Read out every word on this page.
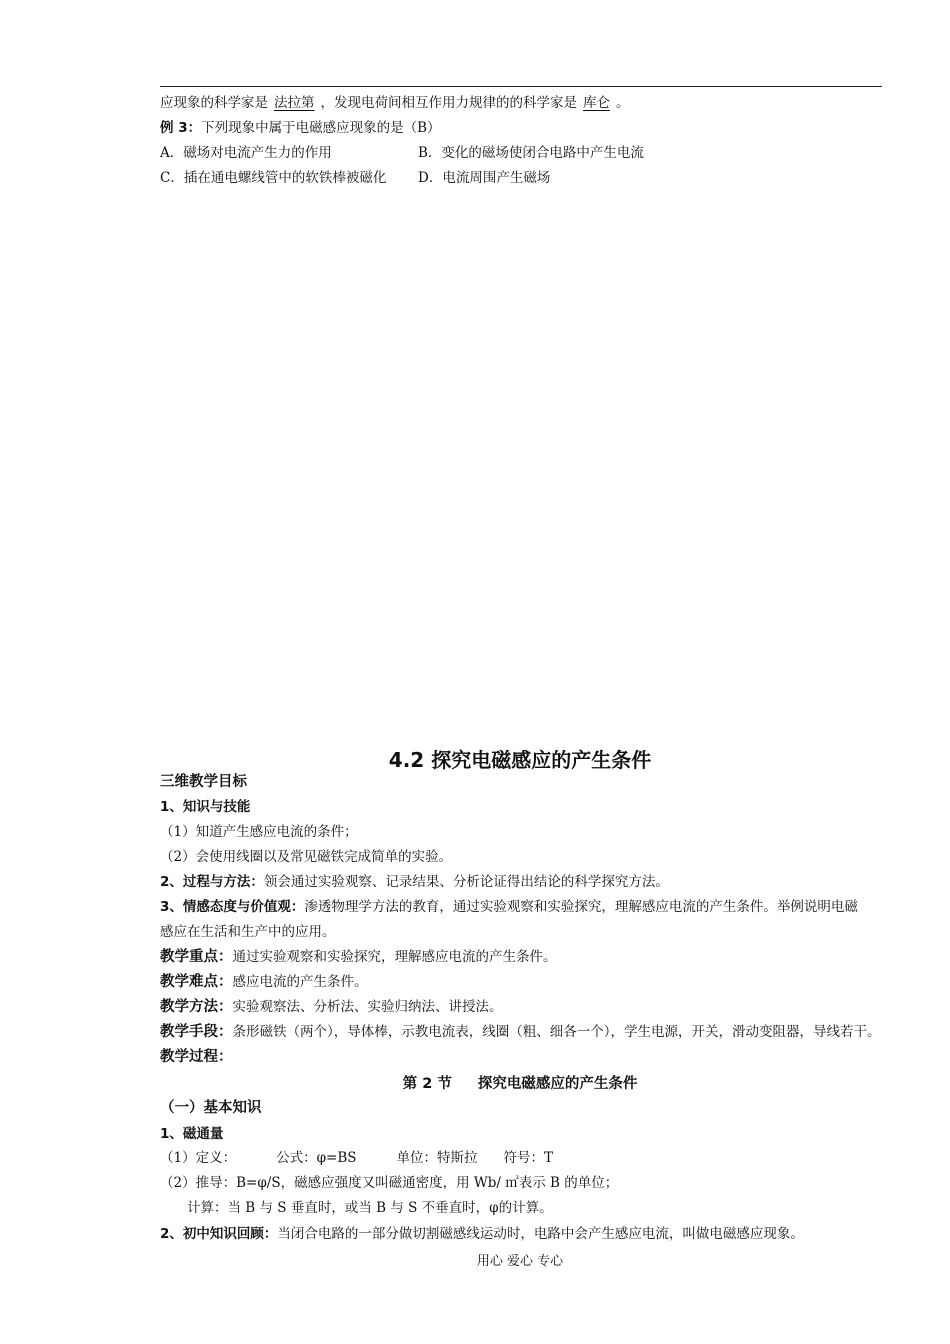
应现象的科学家是 法拉第 ，发现电荷间相互作用力规律的的科学家是 库仑 。
例 3：下列现象中属于电磁感应现象的是（B）
A．磁场对电流产生力的作用	B．变化的磁场使闭合电路中产生电流
C．插在通电螺线管中的软铁棒被磁化 D．电流周围产生磁场
4.2 探究电磁感应的产生条件
三维教学目标
1、知识与技能
（1）知道产生感应电流的条件；
（2）会使用线圈以及常见磁铁完成简单的实验。
2、过程与方法：领会通过实验观察、记录结果、分析论证得出结论的科学探究方法。
3、情感态度与价值观：渗透物理学方法的教育，通过实验观察和实验探究，理解感应电流的产生条件。举例说明电磁
感应在生活和生产中的应用。
教学重点：通过实验观察和实验探究，理解感应电流的产生条件。
教学难点：感应电流的产生条件。
教学方法：实验观察法、分析法、实验归纳法、讲授法。
教学手段：条形磁铁（两个），导体棒，示教电流表，线圈（粗、细各一个），学生电源，开关，滑动变阻器，导线若干。
教学过程：
第 2 节 探究电磁感应的产生条件
（一）基本知识
1、磁通量
（1）定义：	公式：φ=BS	单位：特斯拉 符号：T
（2）推导：B=φ/S，磁感应强度又叫磁通密度，用 Wb/ ㎡表示 B 的单位；
计算：当 B 与 S 垂直时，或当 B 与 S 不垂直时，φ的计算。
2、初中知识回顾：当闭合电路的一部分做切割磁感线运动时，电路中会产生感应电流，叫做电磁感应现象。
用心 爱心 专心
